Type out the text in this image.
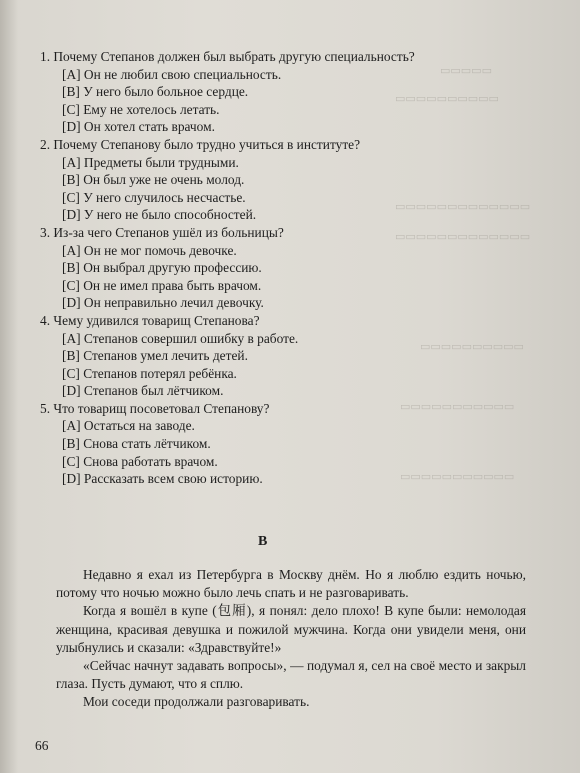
▭▭▭▭▭
▭▭▭▭▭▭▭▭▭▭
▭▭▭▭▭▭▭▭▭▭▭▭▭
▭▭▭▭▭▭▭▭▭▭▭▭▭
▭▭▭▭▭▭▭▭▭▭
▭▭▭▭▭▭▭▭▭▭▭
▭▭▭▭▭▭▭▭▭▭▭
1. Почему Степанов должен был выбрать другую специальность?
[A] Он не любил свою специальность.
[B] У него было больное сердце.
[C] Ему не хотелось летать.
[D] Он хотел стать врачом.
2. Почему Степанову было трудно учиться в институте?
[A] Предметы были трудными.
[B] Он был уже не очень молод.
[C] У него случилось несчастье.
[D] У него не было способностей.
3. Из-за чего Степанов ушёл из больницы?
[A] Он не мог помочь девочке.
[B] Он выбрал другую профессию.
[C] Он не имел права быть врачом.
[D] Он неправильно лечил девочку.
4. Чему удивился товарищ Степанова?
[A] Степанов совершил ошибку в работе.
[B] Степанов умел лечить детей.
[C] Степанов потерял ребёнка.
[D] Степанов был лётчиком.
5. Что товарищ посоветовал Степанову?
[A] Остаться на заводе.
[B] Снова стать лётчиком.
[C] Снова работать врачом.
[D] Рассказать всем свою историю.
B

Недавно я ехал из Петербурга в Москву днём. Но я люблю ездить ночью, потому что ночью можно было лечь спать и не разговаривать.

Когда я вошёл в купе (包厢), я понял: дело плохо! В купе были: немолодая женщина, красивая девушка и пожилой мужчина. Когда они увидели меня, они улыбнулись и сказали: «Здравствуйте!»

«Сейчас начнут задавать вопросы», — подумал я, сел на своё место и закрыл глаза. Пусть думают, что я сплю.

Мои соседи продолжали разговаривать.

66
